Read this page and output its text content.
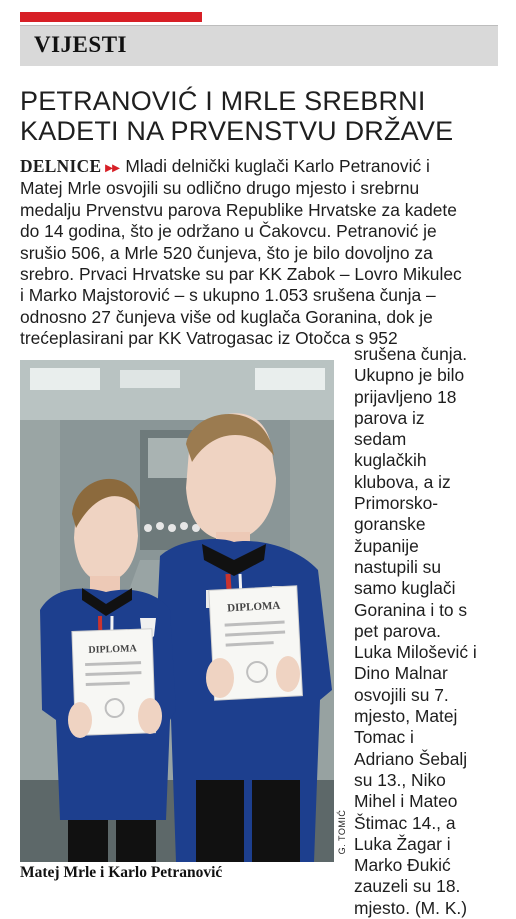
VIJESTI
PETRANOVIĆ I MRLE SREBRNI
KADETI NA PRVENSTVU DRŽAVE
DELNICE ▸▸ Mladi delnički kuglači Karlo Petranović i
Matej Mrle osvojili su odlično drugo mjesto i srebrnu
medalju Prvenstvu parova Republike Hrvatske za kadete
do 14 godina, što je održano u Čakovcu. Petranović je
srušio 506, a Mrle 520 čunjeva, što je bilo dovoljno za
srebro. Prvaci Hrvatske su par KK Zabok – Lovro Mikulec
i Marko Majstorović – s ukupno 1.053 srušena čunja –
odnosno 27 čunjeva više od kuglača Goranina, dok je
trećeplasirani par KK Vatrogasac iz Otočca s 952
DIPLOMA
DIPLOMA
G. TOMIĆ
Matej Mrle i Karlo Petranović
srušena čunja.
Ukupno je bilo
prijavljeno 18
parova iz
sedam
kuglačkih
klubova, a iz
Primorsko-
goranske
županije
nastupili su
samo kuglači
Goranina i to s
pet parova.
Luka Milošević i
Dino Malnar
osvojili su 7.
mjesto, Matej
Tomac i
Adriano Šebalj
su 13., Niko
Mihel i Mateo
Štimac 14., a
Luka Žagar i
Marko Đukić
zauzeli su 18.
mjesto. (M. K.)
